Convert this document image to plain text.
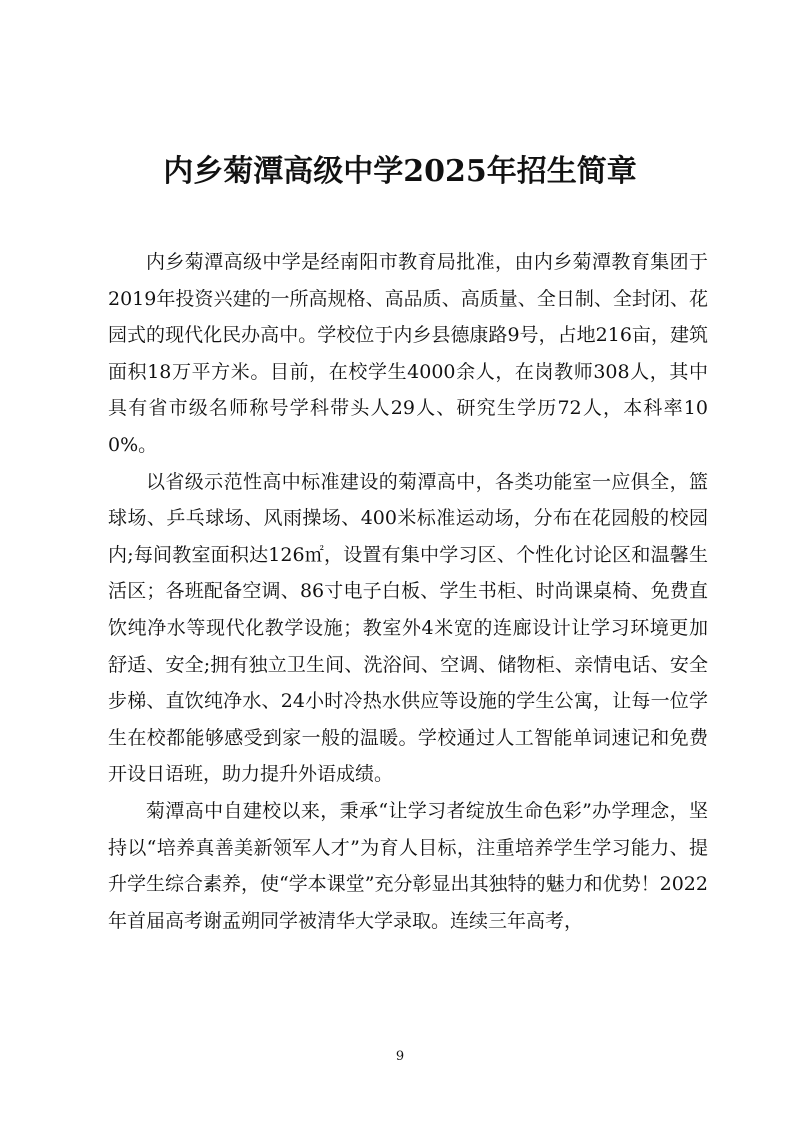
内乡菊潭高级中学2025年招生简章

内乡菊潭高级中学是经南阳市教育局批准，由内乡菊潭教育集团于2019年投资兴建的一所高规格、高品质、高质量、全日制、全封闭、花园式的现代化民办高中。学校位于内乡县德康路9号，占地216亩，建筑面积18万平方米。目前，在校学生4000余人，在岗教师308人，其中具有省市级名师称号学科带头人29人、研究生学历72人，本科率100%。

以省级示范性高中标准建设的菊潭高中，各类功能室一应俱全，篮球场、乒乓球场、风雨操场、400米标准运动场，分布在花园般的校园内;每间教室面积达126㎡，设置有集中学习区、个性化讨论区和温馨生活区；各班配备空调、86寸电子白板、学生书柜、时尚课桌椅、免费直饮纯净水等现代化教学设施；教室外4米宽的连廊设计让学习环境更加舒适、安全;拥有独立卫生间、洗浴间、空调、储物柜、亲情电话、安全步梯、直饮纯净水、24小时冷热水供应等设施的学生公寓，让每一位学生在校都能够感受到家一般的温暖。学校通过人工智能单词速记和免费开设日语班，助力提升外语成绩。

菊潭高中自建校以来，秉承“让学习者绽放生命色彩”办学理念，坚持以“培养真善美新领军人才”为育人目标，注重培养学生学习能力、提升学生综合素养，使“学本课堂”充分彰显出其独特的魅力和优势！2022年首届高考谢孟朔同学被清华大学录取。连续三年高考，

9
